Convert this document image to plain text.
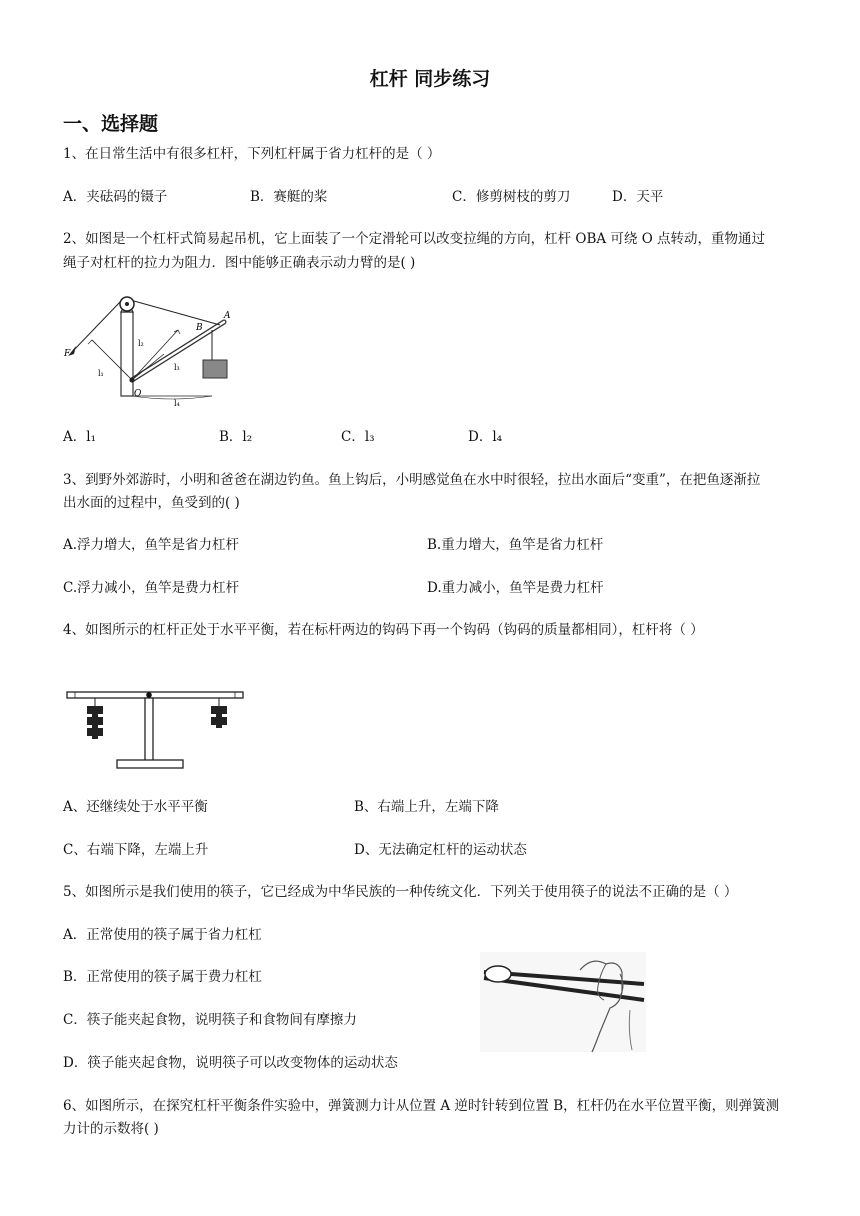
杠杆 同步练习
一、选择题
1、在日常生活中有很多杠杆，下列杠杆属于省力杠杆的是（ ）
A．夹砝码的镊子	B．赛艇的桨	C．修剪树枝的剪刀	D．天平
2、如图是一个杠杆式简易起吊机，它上面装了一个定滑轮可以改变拉绳的方向，杠杆 OBA 可绕 O 点转动，重物通过
绳子对杠杆的拉力为阻力．图中能够正确表示动力臂的是( )
F
O
A
B
l₁
l₂
l₃
l₄
A．l₁	B．l₂	C．l₃	D．l₄
3、到野外郊游时，小明和爸爸在湖边钓鱼。鱼上钩后，小明感觉鱼在水中时很轻，拉出水面后“变重”，在把鱼逐渐拉
出水面的过程中，鱼受到的( )
A.浮力增大，鱼竿是省力杠杆	B.重力增大，鱼竿是省力杠杆
C.浮力减小，鱼竿是费力杠杆	D.重力减小，鱼竿是费力杠杆
4、如图所示的杠杆正处于水平平衡，若在标杆两边的钩码下再一个钩码（钩码的质量都相同），杠杆将（ ）
A、还继续处于水平平衡	B、右端上升，左端下降
C、右端下降，左端上升	D、无法确定杠杆的运动状态
5、如图所示是我们使用的筷子，它已经成为中华民族的一种传统文化．下列关于使用筷子的说法不正确的是（ ）
A．正常使用的筷子属于省力杠杠
B．正常使用的筷子属于费力杠杠
C．筷子能夹起食物，说明筷子和食物间有摩擦力
D．筷子能夹起食物，说明筷子可以改变物体的运动状态
6、如图所示，在探究杠杆平衡条件实验中，弹簧测力计从位置 A 逆时针转到位置 B，杠杆仍在水平位置平衡，则弹簧测
力计的示数将( )
